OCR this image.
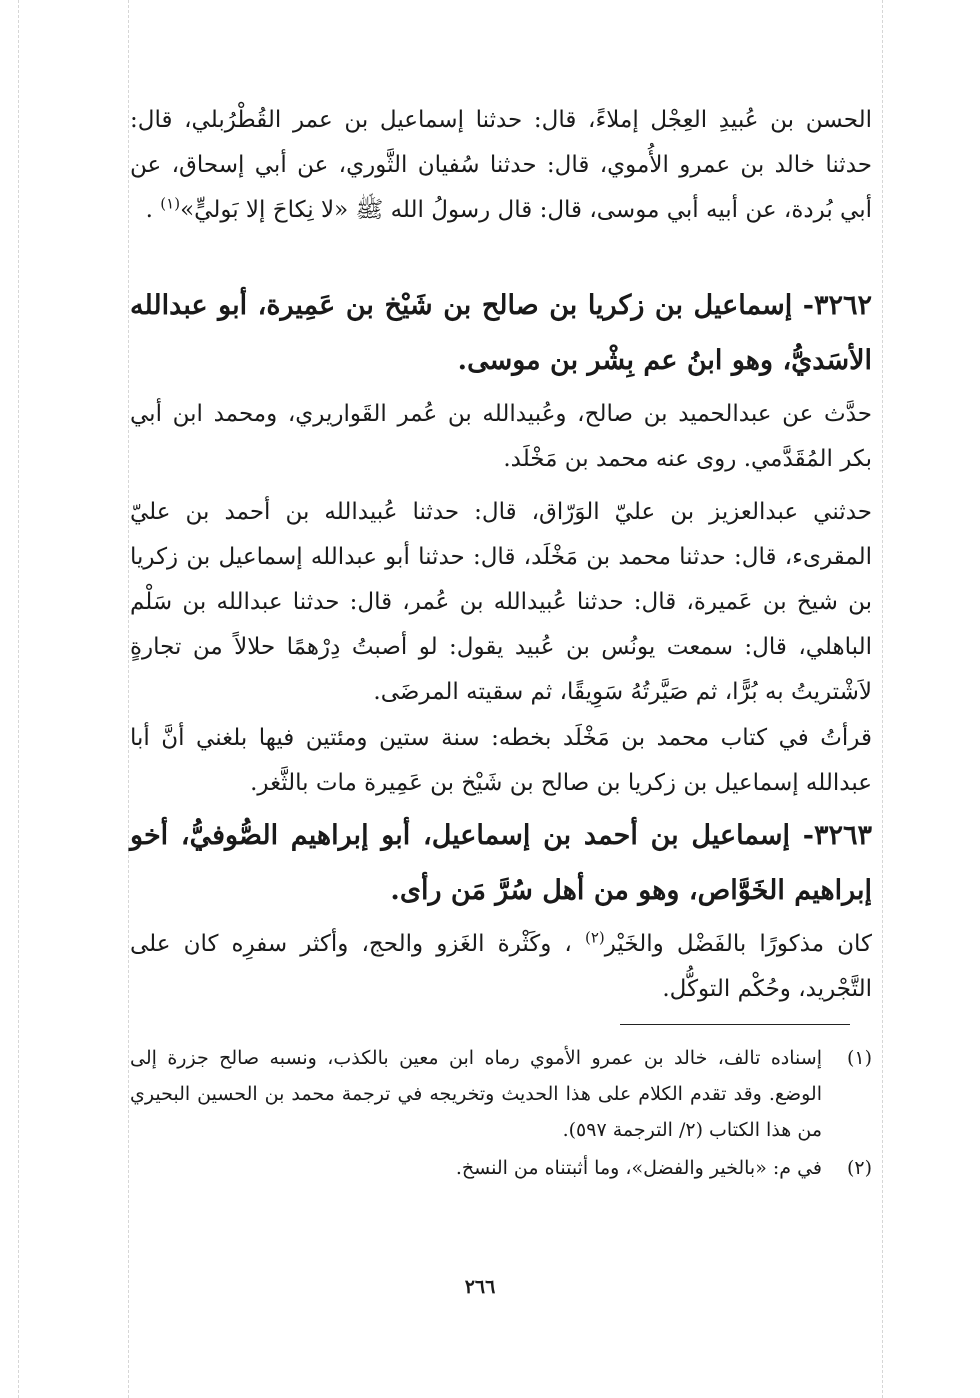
الحسن بن عُبيدِ العِجْل إملاءً، قال: حدثنا إسماعيل بن عمر القُطْرُبلي، قال: حدثنا خالد بن عمرو الأُموي، قال: حدثنا سُفيان الثَّوري، عن أبي إسحاق، عن أبي بُردة، عن أبيه أبي موسى، قال: قال رسولُ الله ﷺ «لا نِكاحَ إلا بَوليٍّ»$^{(١)}$ .

٣٢٦٢- إسماعيل بن زكريا بن صالح بن شَيْخ بن عَمِيرة، أبو عبدالله الأسَديُّ، وهو ابنُ عم بِشْر بن موسى.

حدَّث عن عبدالحميد بن صالح، وعُبيدالله بن عُمر القَواريري، ومحمد ابن أبي بكر المُقَدَّمي. روى عنه محمد بن مَخْلَد.

حدثني عبدالعزيز بن عليّ الوَرّاق، قال: حدثنا عُبيدالله بن أحمد بن عليّ المقرىء، قال: حدثنا محمد بن مَخْلَد، قال: حدثنا أبو عبدالله إسماعيل بن زكريا بن شيخ بن عَميرة، قال: حدثنا عُبيدالله بن عُمر، قال: حدثنا عبدالله بن سَلْم الباهلي، قال: سمعت يونُس بن عُبيد يقول: لو أصبتُ دِرْهمًا حلالاً من تجارةٍ لاَشْتريتُ به بُرًّا، ثم صَيَّرتُهُ سَوِيقًا، ثم سقيته المرضَى.

قرأتُ في كتاب محمد بن مَخْلَد بخطه: سنة ستين ومئتين فيها بلغني أنَّ أبا عبدالله إسماعيل بن زكريا بن صالح بن شَيْخ بن عَمِيرة مات بالثَّغر.

٣٢٦٣- إسماعيل بن أحمد بن إسماعيل، أبو إبراهيم الصُّوفيُّ، أخو إبراهيم الخَوَّاص، وهو من أهل سُرَّ مَن رأى.

كان مذكورًا بالفَضْل والخَيْر$^{(٢)}$ ، وكَثْرة الغَزو والحج، وأكثر سفرِه كان على التَّجْريد، وحُكْم التوكُّل.

(١)
إسناده تالف، خالد بن عمرو الأموي رماه ابن معين بالكذب، ونسبه صالح جزرة إلى الوضع. وقد تقدم الكلام على هذا الحديث وتخريجه في ترجمة محمد بن الحسين البحيري من هذا الكتاب (٢/ الترجمة ٥٩٧).
(٢)
في م: «بالخير والفضل»، وما أثبتناه من النسخ.
٢٦٦
